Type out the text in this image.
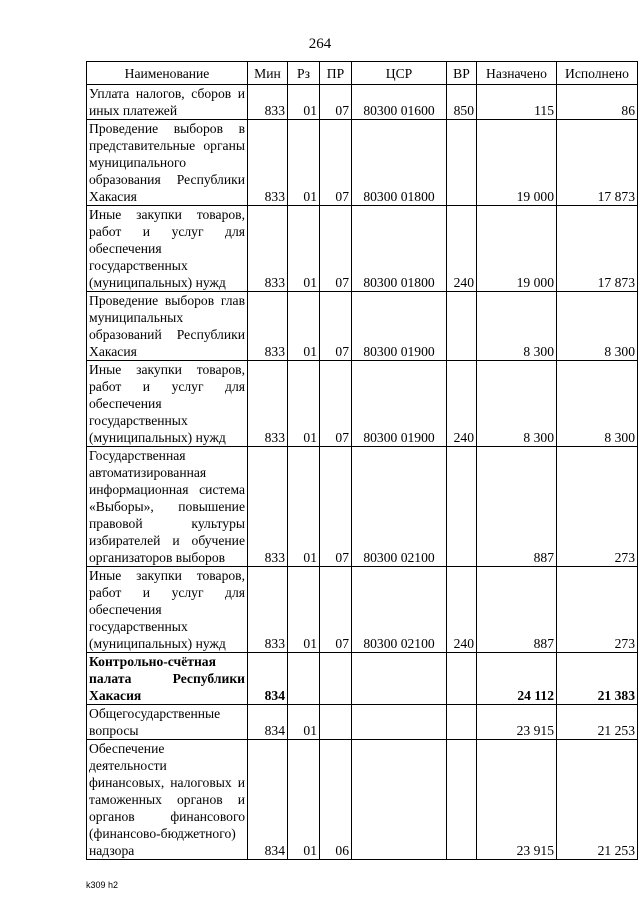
264
Наименование	Мин	Рз	ПР	ЦСР	ВР	Назначено	Исполнено
Уплата налогов, сборов и иных платежей	833	01	07	80300 01600	850	115	86
Проведение выборов в представительные органы муниципального образования Республики Хакасия	833	01	07	80300 01800		19 000	17 873
Иные закупки товаров, работ и услуг для обеспечения государственных (муниципальных) нужд	833	01	07	80300 01800	240	19 000	17 873
Проведение выборов глав муниципальных образований Республики Хакасия	833	01	07	80300 01900		8 300	8 300
Иные закупки товаров, работ и услуг для обеспечения государственных (муниципальных) нужд	833	01	07	80300 01900	240	8 300	8 300
Государственная автоматизированная информационная система «Выборы», повышение правовой культуры избирателей и обучение организаторов выборов	833	01	07	80300 02100		887	273
Иные закупки товаров, работ и услуг для обеспечения государственных (муниципальных) нужд	833	01	07	80300 02100	240	887	273
Контрольно-счётная палата Республики Хакасия	834					24 112	21 383
Общегосударственные вопросы	834	01				23 915	21 253
Обеспечение деятельности финансовых, налоговых и таможенных органов и органов финансового (финансово-бюджетного) надзора	834	01	06			23 915	21 253
k309 h2
